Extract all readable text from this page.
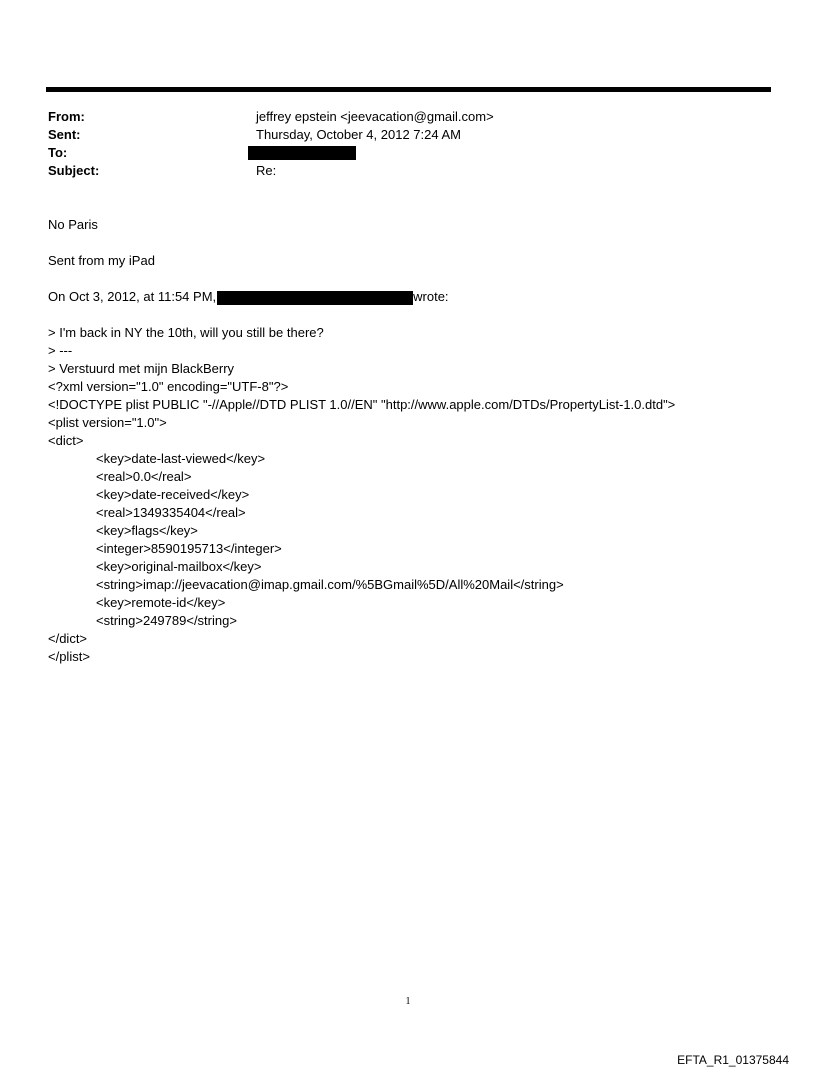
From:	jeffrey epstein <jeevacation@gmail.com>
Sent:	Thursday, October 4, 2012 7:24 AM
To:
Subject:	Re:

No Paris

Sent from my iPad

On Oct 3, 2012, at 11:54 PM,	wrote:

> I'm back in NY the 10th, will you still be there?

> ---

> Verstuurd met mijn BlackBerry

<?xml version="1.0" encoding="UTF-8"?>

<!DOCTYPE plist PUBLIC "-//Apple//DTD PLIST 1.0//EN" "http://www.apple.com/DTDs/PropertyList-1.0.dtd">

<plist version="1.0">

<dict>

<key>date-last-viewed</key>

<real>0.0</real>

<key>date-received</key>

<real>1349335404</real>

<key>flags</key>

<integer>8590195713</integer>

<key>original-mailbox</key>

<string>imap://jeevacation@imap.gmail.com/%5BGmail%5D/All%20Mail</string>

<key>remote-id</key>

<string>249789</string>

</dict>

</plist>

1
EFTA_R1_01375844
